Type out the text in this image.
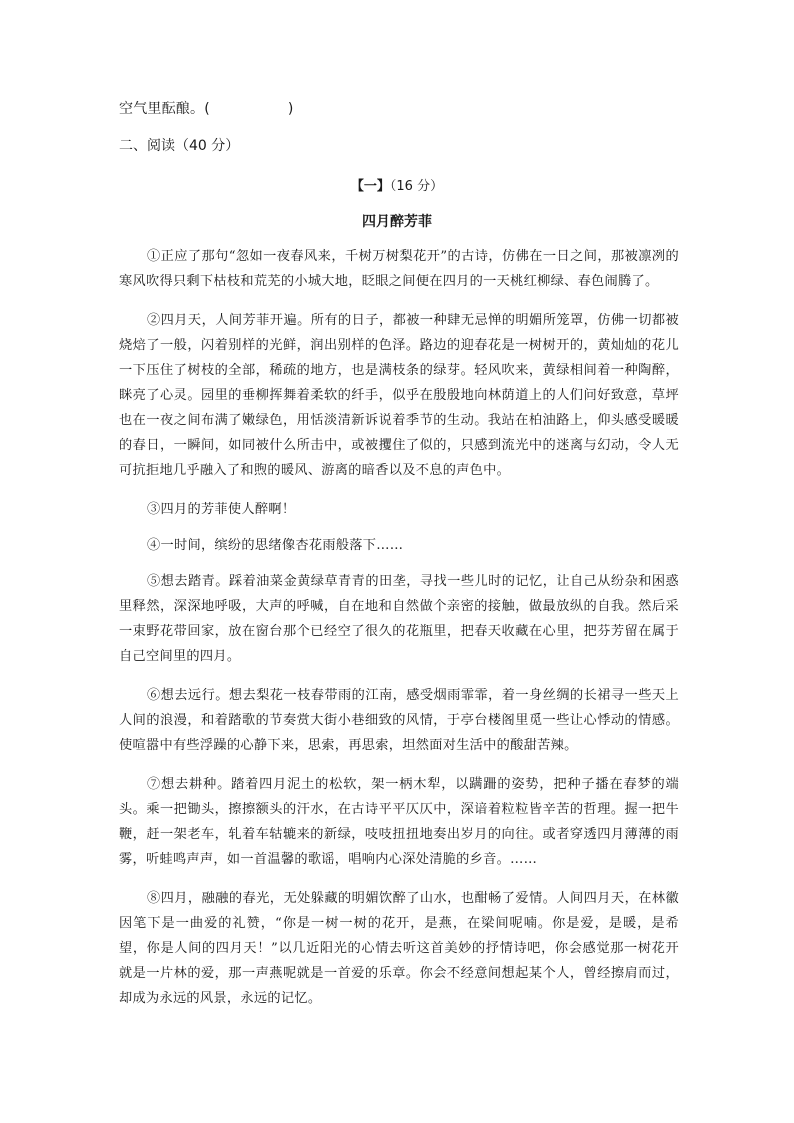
空气里酝酿。(	)
二、阅读（40 分）
【一】（16 分）
四月醉芳菲

①正应了那句“忽如一夜春风来，千树万树梨花开”的古诗，仿佛在一日之间，那被凛冽的寒风吹得只剩下枯枝和荒芜的小城大地，眨眼之间便在四月的一天桃红柳绿、春色闹腾了。

②四月天，人间芳菲开遍。所有的日子，都被一种肆无忌惮的明媚所笼罩，仿佛一切都被烧焙了一般，闪着别样的光鲜，润出别样的色泽。路边的迎春花是一树树开的，黄灿灿的花儿一下压住了树枝的全部，稀疏的地方，也是满枝条的绿芽。轻风吹来，黄绿相间着一种陶醉，眯亮了心灵。园里的垂柳挥舞着柔软的纤手，似乎在殷殷地向林荫道上的人们问好致意，草坪也在一夜之间布满了嫩绿色，用恬淡清新诉说着季节的生动。我站在柏油路上，仰头感受暖暖的春日，一瞬间，如同被什么所击中，或被攫住了似的，只感到流光中的迷离与幻动，令人无可抗拒地几乎融入了和煦的暖风、游离的暗香以及不息的声色中。

③四月的芳菲使人醉啊！

④一时间，缤纷的思绪像杏花雨般落下……

⑤想去踏青。踩着油菜金黄绿草青青的田垄，寻找一些儿时的记忆，让自己从纷杂和困惑里释然，深深地呼吸，大声的呼喊，自在地和自然做个亲密的接触，做最放纵的自我。然后采一束野花带回家，放在窗台那个已经空了很久的花瓶里，把春天收藏在心里，把芬芳留在属于自己空间里的四月。

⑥想去远行。想去梨花一枝春带雨的江南，感受烟雨霏霏，着一身丝绸的长裙寻一些天上人间的浪漫，和着踏歌的节奏赏大街小巷细致的风情，于亭台楼阁里觅一些让心悸动的情感。使喧嚣中有些浮躁的心静下来，思索，再思索，坦然面对生活中的酸甜苦辣。

⑦想去耕种。踏着四月泥土的松软，架一柄木犁，以蹒跚的姿势，把种子播在春梦的端头。乘一把锄头，擦擦额头的汗水，在古诗平平仄仄中，深谙着粒粒皆辛苦的哲理。握一把牛鞭，赶一架老车，轧着车轱辘来的新绿，吱吱扭扭地奏出岁月的向往。或者穿透四月薄薄的雨雾，听蛙鸣声声，如一首温馨的歌谣，唱响内心深处清脆的乡音。……

⑧四月，融融的春光，无处躲藏的明媚饮醉了山水，也酣畅了爱情。人间四月天，在林徽因笔下是一曲爱的礼赞，“你是一树一树的花开，是燕，在梁间呢喃。你是爱，是暖，是希望，你是人间的四月天！”以几近阳光的心情去听这首美妙的抒情诗吧，你会感觉那一树花开就是一片林的爱，那一声燕呢就是一首爱的乐章。你会不经意间想起某个人，曾经擦肩而过，却成为永远的风景，永远的记忆。
